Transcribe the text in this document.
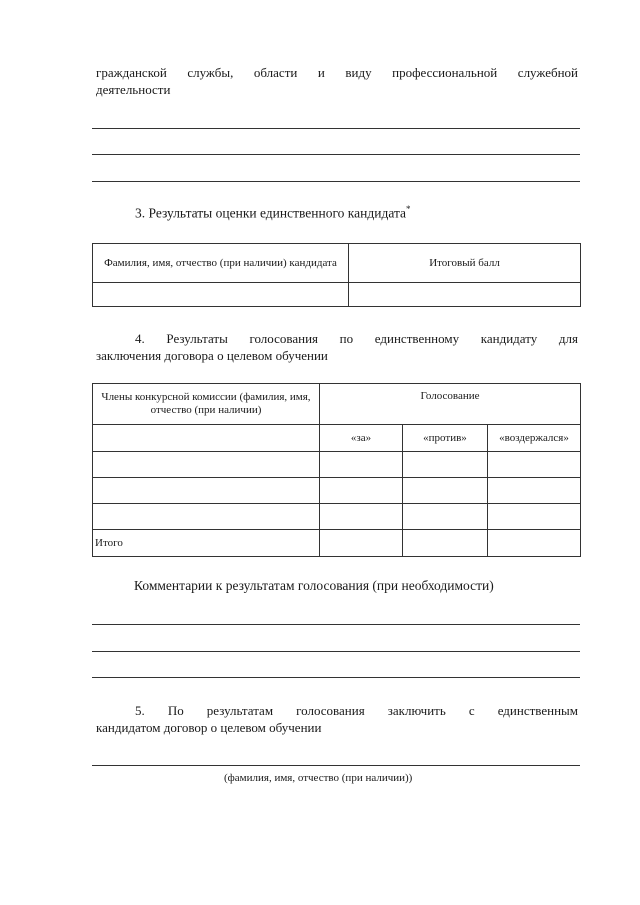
гражданской службы, области и виду профессиональной служебной
деятельности
3. Результаты оценки единственного кандидата*
Фамилия, имя, отчество (при наличии) кандидата	Итоговый балл

4. Результаты голосования по единственному кандидату для
заключения договора о целевом обучении
Члены конкурсной комиссии (фамилия, имя, отчество (при наличии)	Голосование		
	«за»	«против»	«воздержался»

Итого			
Комментарии к результатам голосования (при необходимости)
5. По результатам голосования заключить с единственным
кандидатом договор о целевом обучении
(фамилия, имя, отчество (при наличии))
